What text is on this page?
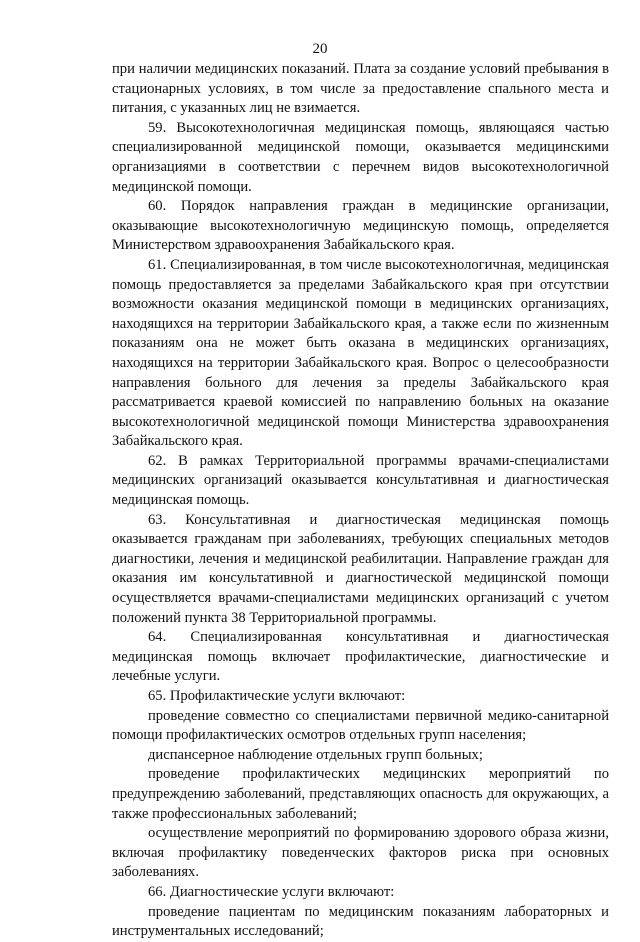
20

при наличии медицинских показаний. Плата за создание условий пребывания в стационарных условиях, в том числе за предоставление спального места и питания, с указанных лиц не взимается.

59. Высокотехнологичная медицинская помощь, являющаяся частью специализированной медицинской помощи, оказывается медицинскими организациями в соответствии с перечнем видов высокотехнологичной медицинской помощи.

60. Порядок направления граждан в медицинские организации, оказывающие высокотехнологичную медицинскую помощь, определяется Министерством здравоохранения Забайкальского края.

61. Специализированная, в том числе высокотехнологичная, медицинская помощь предоставляется за пределами Забайкальского края при отсутствии возможности оказания медицинской помощи в медицинских организациях, находящихся на территории Забайкальского края, а также если по жизненным показаниям она не может быть оказана в медицинских организациях, находящихся на территории Забайкальского края. Вопрос о целесообразности направления больного для лечения за пределы Забайкальского края рассматривается краевой комиссией по направлению больных на оказание высокотехнологичной медицинской помощи Министерства здравоохранения Забайкальского края.

62. В рамках Территориальной программы врачами-специалистами медицинских организаций оказывается консультативная и диагностическая медицинская помощь.

63. Консультативная и диагностическая медицинская помощь оказывается гражданам при заболеваниях, требующих специальных методов диагностики, лечения и медицинской реабилитации. Направление граждан для оказания им консультативной и диагностической медицинской помощи осуществляется врачами-специалистами медицинских организаций с учетом положений пункта 38 Территориальной программы.

64. Специализированная консультативная и диагностическая медицинская помощь включает профилактические, диагностические и лечебные услуги.

65. Профилактические услуги включают:

проведение совместно со специалистами первичной медико-санитарной помощи профилактических осмотров отдельных групп населения;

диспансерное наблюдение отдельных групп больных;

проведение профилактических медицинских мероприятий по предупреждению заболеваний, представляющих опасность для окружающих, а также профессиональных заболеваний;

осуществление мероприятий по формированию здорового образа жизни, включая профилактику поведенческих факторов риска при основных заболеваниях.

66. Диагностические услуги включают:

проведение пациентам по медицинским показаниям лабораторных и инструментальных исследований;
